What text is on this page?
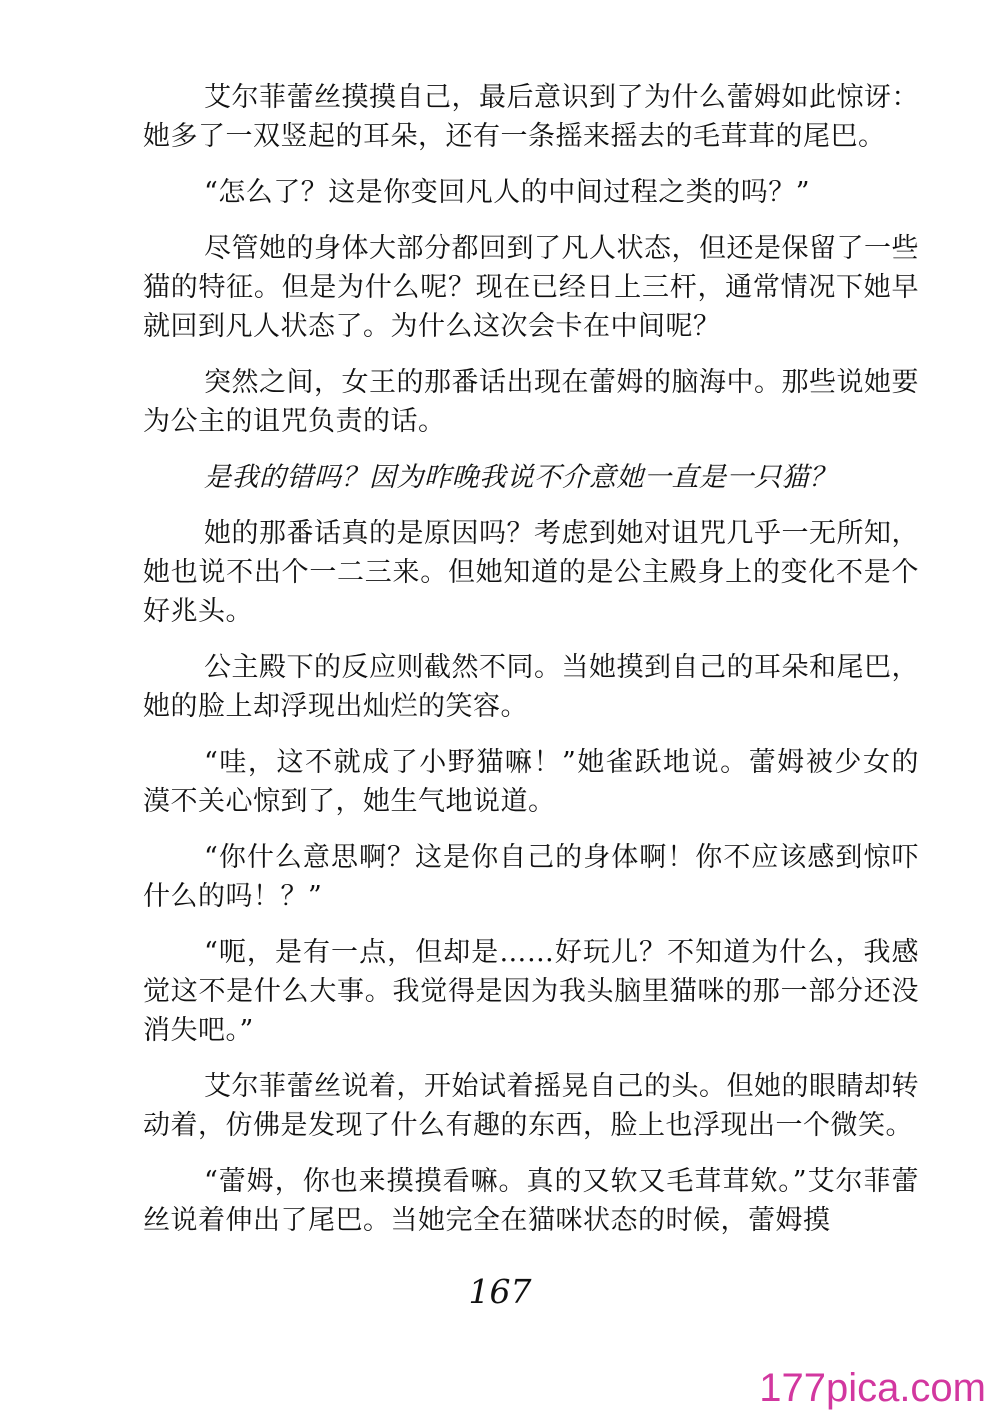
艾尔菲蕾丝摸摸自己，最后意识到了为什么蕾姆如此惊讶：她多了一双竖起的耳朵，还有一条摇来摇去的毛茸茸的尾巴。

“怎么了？这是你变回凡人的中间过程之类的吗？”

尽管她的身体大部分都回到了凡人状态，但还是保留了一些猫的特征。但是为什么呢？现在已经日上三杆，通常情况下她早就回到凡人状态了。为什么这次会卡在中间呢？

突然之间，女王的那番话出现在蕾姆的脑海中。那些说她要为公主的诅咒负责的话。

是我的错吗？因为昨晚我说不介意她一直是一只猫？

她的那番话真的是原因吗？考虑到她对诅咒几乎一无所知，她也说不出个一二三来。但她知道的是公主殿身上的变化不是个好兆头。

公主殿下的反应则截然不同。当她摸到自己的耳朵和尾巴，她的脸上却浮现出灿烂的笑容。

“哇，这不就成了小野猫嘛！”她雀跃地说。蕾姆被少女的漠不关心惊到了，她生气地说道。

“你什么意思啊？这是你自己的身体啊！你不应该感到惊吓什么的吗！？”

“呃，是有一点，但却是……好玩儿？不知道为什么，我感觉这不是什么大事。我觉得是因为我头脑里猫咪的那一部分还没消失吧。”

艾尔菲蕾丝说着，开始试着摇晃自己的头。但她的眼睛却转动着，仿佛是发现了什么有趣的东西，脸上也浮现出一个微笑。

“蕾姆，你也来摸摸看嘛。真的又软又毛茸茸欸。”艾尔菲蕾丝说着伸出了尾巴。当她完全在猫咪状态的时候，蕾姆摸

167
177pica.com
